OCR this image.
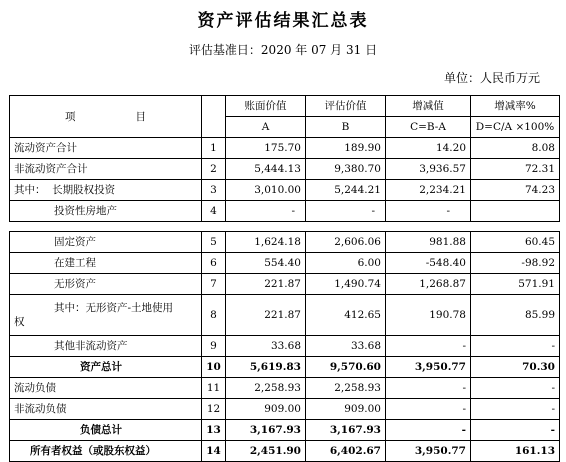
资产评估结果汇总表
评估基准日：2020 年 07 月 31 日
单位：人民币万元
项 目		账面价值	评估价值	增减值	增减率%
		A	B	C=B-A	D=C/A ×100%
流动资产合计	1	175.70	189.90	14.20	8.08
非流动资产合计	2	5,444.13	9,380.70	3,936.57	72.31
其中：  长期股权投资	3	3,010.00	5,244.21	2,234.21	74.23
投资性房地产	4	-	-	-	
固定资产	5	1,624.18	2,606.06	981.88	60.45
在建工程	6	554.40	6.00	-548.40	-98.92
无形资产	7	221.87	1,490.74	1,268.87	571.91

其中：无形资产-土地使用
权	8	221.87	412.65	190.78	85.99
其他非流动资产	9	33.68	33.68	-	-
资产总计	10	5,619.83	9,570.60	3,950.77	70.30
流动负债	11	2,258.93	2,258.93	-	-
非流动负债	12	909.00	909.00	-	-
负债总计	13	3,167.93	3,167.93	-	-
所有者权益（或股东权益）	14	2,451.90	6,402.67	3,950.77	161.13
